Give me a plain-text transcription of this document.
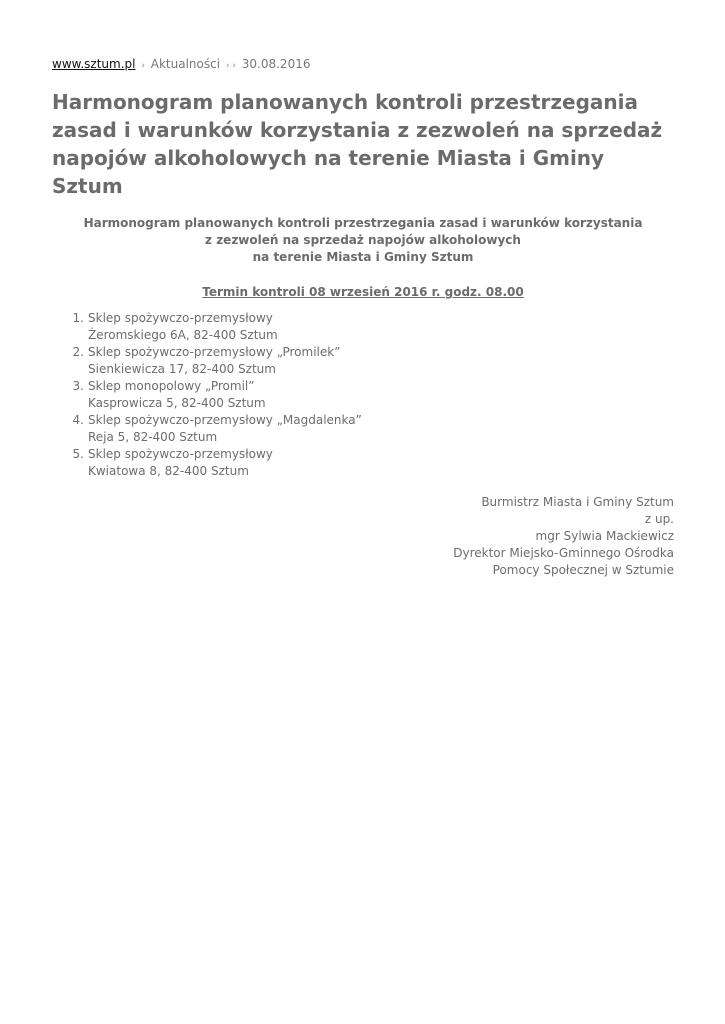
www.sztum.pl › Aktualności › › 30.08.2016
Harmonogram planowanych kontroli przestrzegania zasad i warunków korzystania z zezwoleń na sprzedaż napojów alkoholowych na terenie Miasta i Gminy Sztum
Harmonogram planowanych kontroli przestrzegania zasad i warunków korzystania
z zezwoleń na sprzedaż napojów alkoholowych
na terenie Miasta i Gminy Sztum
Termin kontroli 08 wrzesień 2016 r. godz. 08.00
1. Sklep spożywczo-przemysłowy
Żeromskiego 6A, 82-400 Sztum
2. Sklep spożywczo-przemysłowy „Promilek”
Sienkiewicza 17, 82-400 Sztum
3. Sklep monopolowy „Promil”
Kasprowicza 5, 82-400 Sztum
4. Sklep spożywczo-przemysłowy „Magdalenka”
Reja 5, 82-400 Sztum
5. Sklep spożywczo-przemysłowy
Kwiatowa 8, 82-400 Sztum
Burmistrz Miasta i Gminy Sztum
z up.
mgr Sylwia Mackiewicz
Dyrektor Miejsko-Gminnego Ośrodka
Pomocy Społecznej w Sztumie
